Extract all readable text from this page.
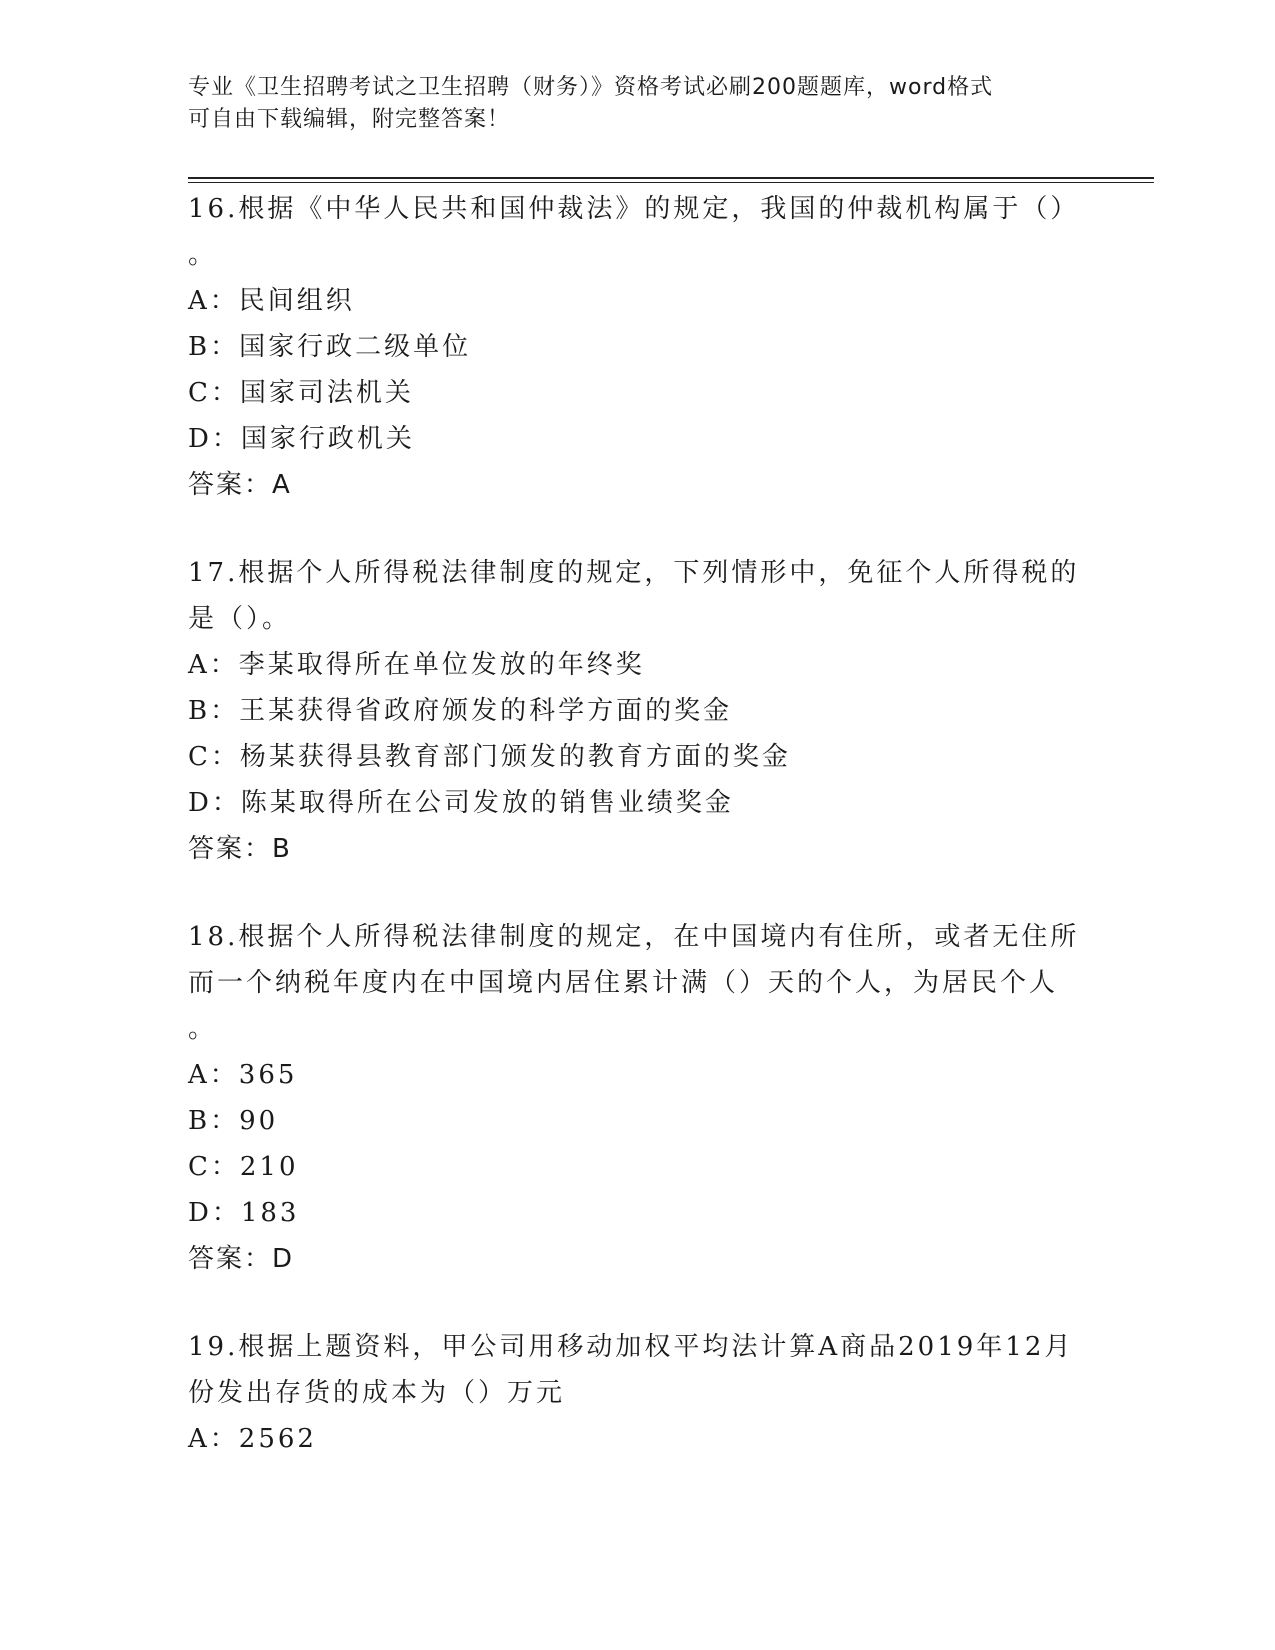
专业《卫生招聘考试之卫生招聘（财务）》资格考试必刷200题题库，word格式
可自由下载编辑，附完整答案！
16.根据《中华人民共和国仲裁法》的规定，我国的仲裁机构属于（）
。
A：民间组织
B：国家行政二级单位
C：国家司法机关
D：国家行政机关
答案：A
17.根据个人所得税法律制度的规定，下列情形中，免征个人所得税的
是（）。
A：李某取得所在单位发放的年终奖
B：王某获得省政府颁发的科学方面的奖金
C：杨某获得县教育部门颁发的教育方面的奖金
D：陈某取得所在公司发放的销售业绩奖金
答案：B
18.根据个人所得税法律制度的规定，在中国境内有住所，或者无住所
而一个纳税年度内在中国境内居住累计满（）天的个人，为居民个人
。
A：365
B：90
C：210
D：183
答案：D
19.根据上题资料，甲公司用移动加权平均法计算A商品2019年12月
份发出存货的成本为（）万元
A：2562
